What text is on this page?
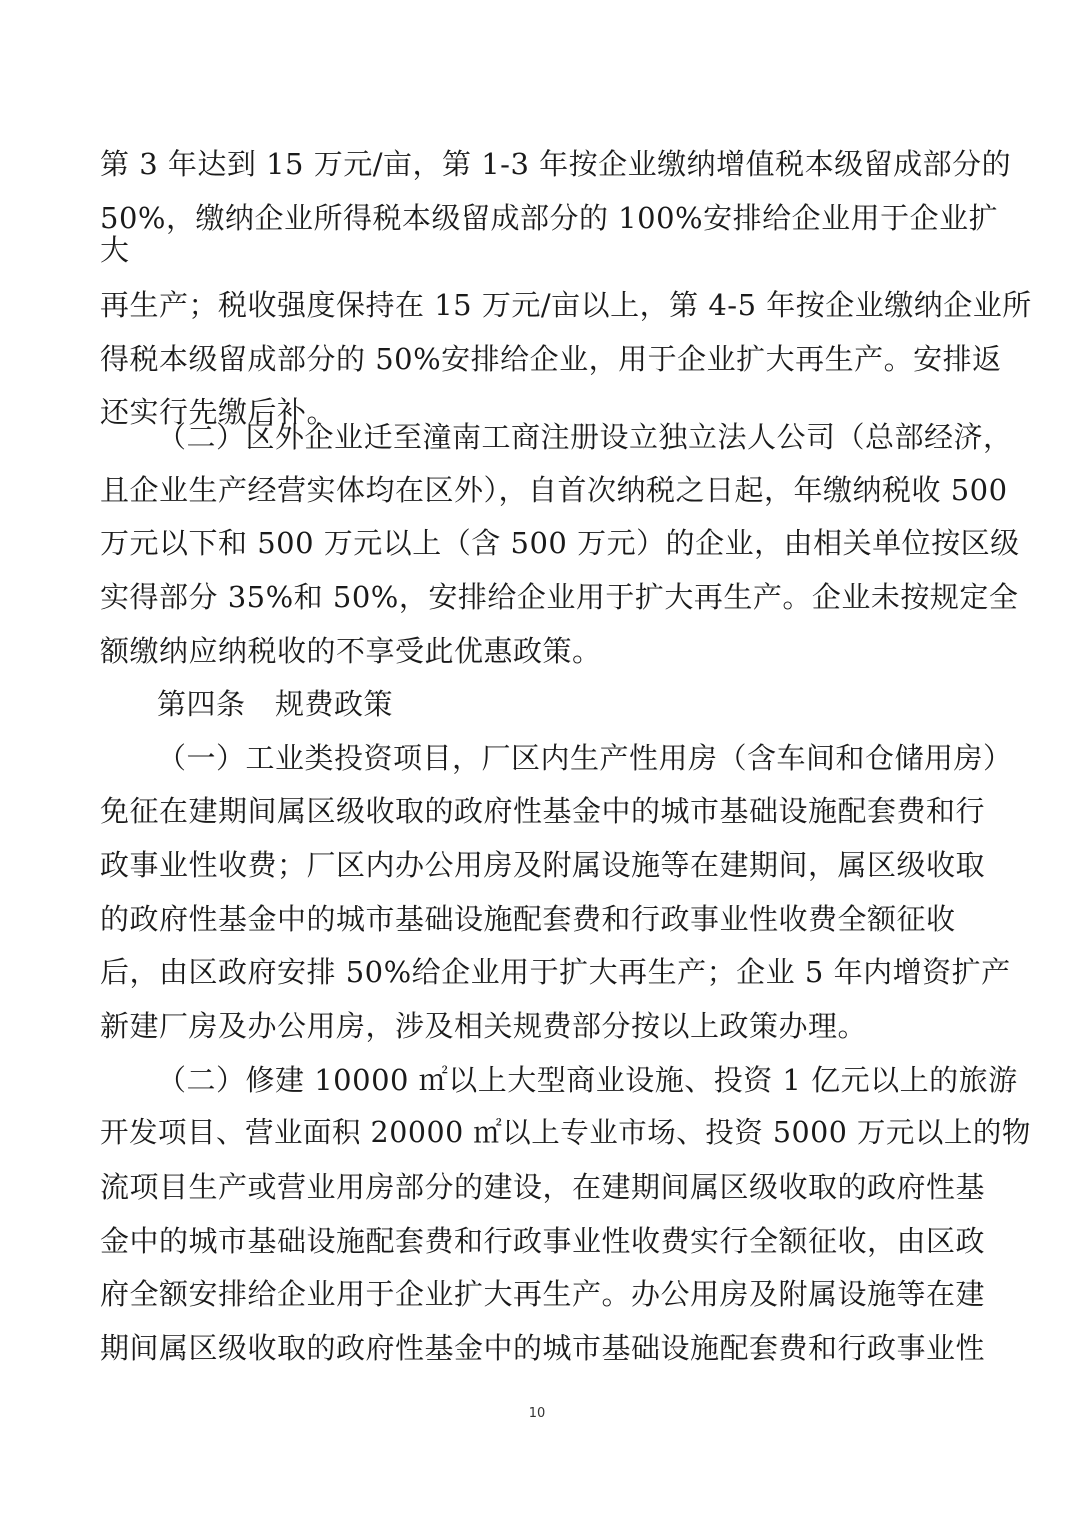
第 3 年达到 15 万元/亩，第 1-3 年按企业缴纳增值税本级留成部分的
50%，缴纳企业所得税本级留成部分的 100%安排给企业用于企业扩
大
再生产；税收强度保持在 15 万元/亩以上，第 4-5 年按企业缴纳企业所
得税本级留成部分的 50%安排给企业，用于企业扩大再生产。安排返
还实行先缴后补。
（二）区外企业迁至潼南工商注册设立独立法人公司（总部经济，
且企业生产经营实体均在区外），自首次纳税之日起，年缴纳税收 500
万元以下和 500 万元以上（含 500 万元）的企业，由相关单位按区级
实得部分 35%和 50%，安排给企业用于扩大再生产。企业未按规定全
额缴纳应纳税收的不享受此优惠政策。
第四条　规费政策
（一）工业类投资项目，厂区内生产性用房（含车间和仓储用房）
免征在建期间属区级收取的政府性基金中的城市基础设施配套费和行
政事业性收费；厂区内办公用房及附属设施等在建期间，属区级收取
的政府性基金中的城市基础设施配套费和行政事业性收费全额征收
后，由区政府安排 50%给企业用于扩大再生产；企业 5 年内增资扩产
新建厂房及办公用房，涉及相关规费部分按以上政策办理。
（二）修建 10000 ㎡以上大型商业设施、投资 1 亿元以上的旅游
开发项目、营业面积 20000 ㎡以上专业市场、投资 5000 万元以上的物
流项目生产或营业用房部分的建设，在建期间属区级收取的政府性基
金中的城市基础设施配套费和行政事业性收费实行全额征收，由区政
府全额安排给企业用于企业扩大再生产。办公用房及附属设施等在建
期间属区级收取的政府性基金中的城市基础设施配套费和行政事业性
10
